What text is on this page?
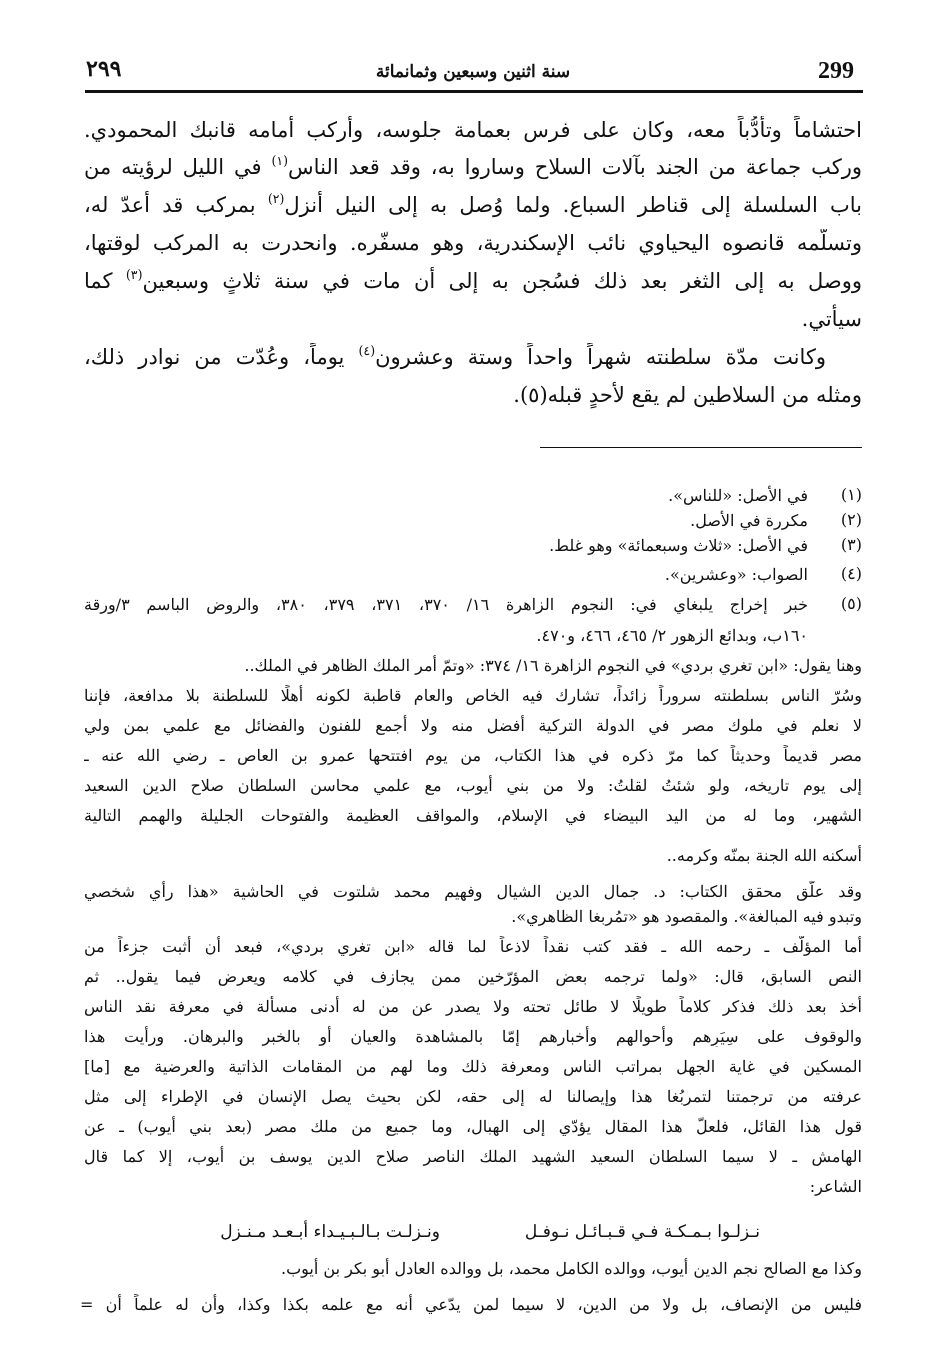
299
سنة اثنين وسبعين وثمانمائة
٢٩٩
ومثله من السلاطين لم يقع لأحدٍ قبله(٥).
احتشاماً وتأدُّباً معه، وكان على فرس بعمامة جلوسه، وأركب أمامه قانبك المحمودي.
وركب جماعة من الجند بآلات السلاح وساروا به، وقد قعد الناس$^{(١)}$ في الليل لرؤيته من
باب السلسلة إلى قناطر السباع. ولما وُصل به إلى النيل أُنزل$^{(٢)}$ بمركب قد أُعدّ له،
وتسلّمه قانصوه اليحياوي نائب الإسكندرية، وهو مسفّره. وانحدرت به المركب لوقتها،
ووصل به إلى الثغر بعد ذلك فسُجن به إلى أن مات في سنة ثلاثٍ وسبعين$^{(٣)}$ كما
سيأتي.
وكانت مدّة سلطنته شهراً واحداً وستة وعشرون$^{(٤)}$ يوماً، وعُدّت من نوادر ذلك،
(١)
في الأصل: «للناس».
(٢)
مكررة في الأصل.
(٣)
في الأصل: «ثلاث وسبعمائة» وهو غلط.
(٤)
الصواب: «وعشرين».
(٥)
خبر إخراج يلبغاي في: النجوم الزاهرة ١٦/ ٣٧٠، ٣٧١، ٣٧٩، ٣٨٠، والروض الباسم ٣/ورقة
١٦٠ب، وبدائع الزهور ٢/ ٤٦٥، ٤٦٦، و٤٧٠.
وهنا يقول: «ابن تغري بردي» في النجوم الزاهرة ١٦/ ٣٧٤: «وتمّ أمر الملك الظاهر في الملك..
وسُرّ الناس بسلطنته سروراً زائداً، تشارك فيه الخاص والعام قاطبة لكونه أهلًا للسلطنة بلا مدافعة، فإننا
لا نعلم في ملوك مصر في الدولة التركية أفضل منه ولا أجمع للفنون والفضائل مع علمي بمن ولي
مصر قديماً وحديثاً كما مرّ ذكره في هذا الكتاب، من يوم افتتحها عمرو بن العاص ـ رضي الله عنه ـ
إلى يوم تاريخه، ولو شئتُ لقلتُ: ولا من بني أيوب، مع علمي محاسن السلطان صلاح الدين السعيد
الشهير، وما له من اليد البيضاء في الإسلام، والمواقف العظيمة والفتوحات الجليلة والهمم التالية
أسكنه الله الجنة بمنّه وكرمه..
وقد علّق محقق الكتاب: د. جمال الدين الشيال وفهيم محمد شلتوت في الحاشية «هذا رأي شخصي
وتبدو فيه المبالغة». والمقصود هو «تمُربغا الظاهري».
أما المؤلّف ـ رحمه الله ـ فقد كتب نقداً لاذعاً لما قاله «ابن تغري بردي»، فبعد أن أثبت جزءاً من
النص السابق، قال: «ولما ترجمه بعض المؤرّخين ممن يجازف في كلامه ويعرض فيما يقول.. ثم
أخذ بعد ذلك فذكر كلاماً طويلًا لا طائل تحته ولا يصدر عن من له أدنى مسألة في معرفة نقد الناس
والوقوف على سِيَرِهم وأحوالهم وأخبارهم إمّا بالمشاهدة والعيان أو بالخبر والبرهان. ورأيت هذا
المسكين في غاية الجهل بمراتب الناس ومعرفة ذلك وما لهم من المقامات الذاتية والعرضية مع [ما]
عرفته من ترجمتنا لتمربُغا هذا وإيصالنا له إلى حقه، لكن بحيث يصل الإنسان في الإطراء إلى مثل
قول هذا القائل، فلعلّ هذا المقال يؤدّي إلى الهبال، وما جميع من ملك مصر (بعد بني أيوب) ـ عن
الهامش ـ لا سيما السلطان السعيد الشهيد الملك الناصر صلاح الدين يوسف بن أيوب، إلا كما قال
الشاعر:
وكذا مع الصالح نجم الدين أيوب، ووالده الكامل محمد، بل ووالده العادل أبو بكر بن أيوب.
فليس من الإنصاف، بل ولا من الدين، لا سيما لمن يدّعي أنه مع علمه بكذا وكذا، وأن له علماً أن =
نـزلـوا بـمـكـة فـي قـبـائـل نـوفـل
ونـزلـت بـالـبـيـداء أبـعـد مـنـزل
